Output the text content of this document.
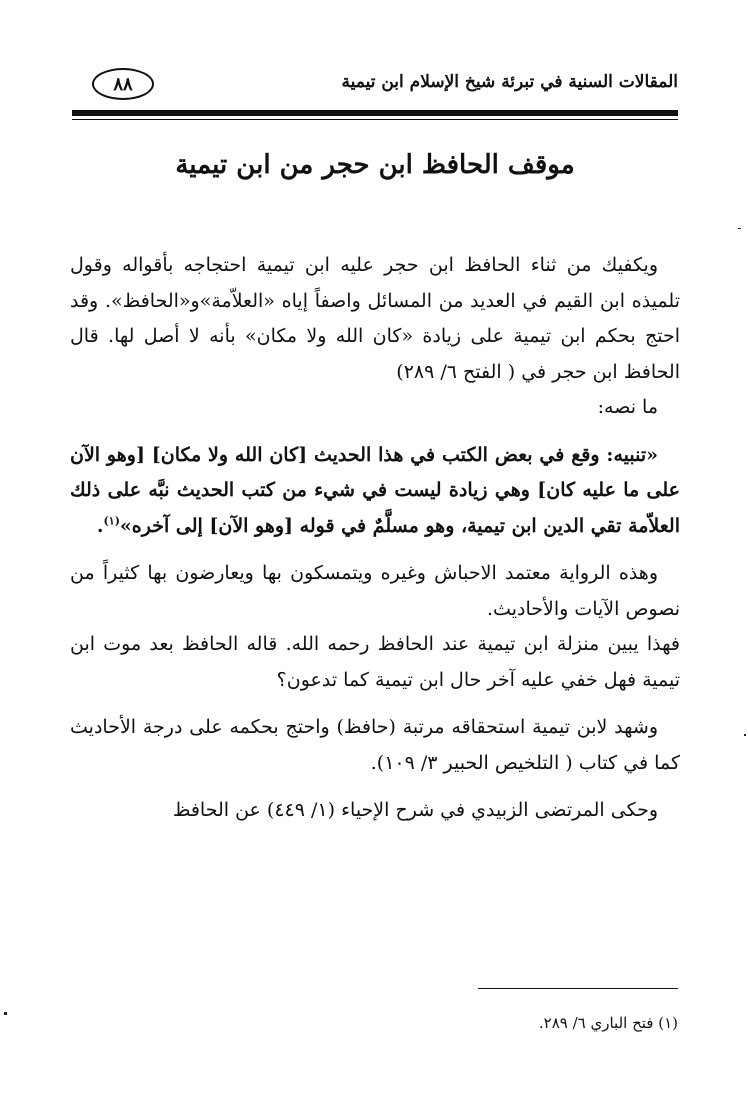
المقالات السنية في تبرئة شيخ الإسلام ابن تيمية
٨٨
موقف الحافظ ابن حجر من ابن تيمية

ويكفيك من ثناء الحافظ ابن حجر عليه ابن تيمية احتجاجه بأقواله وقول تلميذه ابن القيم في العديد من المسائل واصفاً إياه «العلاّمة»و«الحافظ». وقد احتج بحكم ابن تيمية على زيادة «كان الله ولا مكان» بأنه لا أصل لها. قال الحافظ ابن حجر في ( الفتح ٦/ ٢٨٩)

ما نصه:

«تنبيه: وقع في بعض الكتب في هذا الحديث [كان الله ولا مكان] [وهو الآن على ما عليه كان] وهي زيادة ليست في شيء من كتب الحديث نبَّه على ذلك العلاّمة تقي الدين ابن تيمية، وهو مسلَّمٌ في قوله [وهو الآن] إلى آخره»$^{(١)}$.

وهذه الرواية معتمد الاحباش وغيره ويتمسكون بها ويعارضون بها كثيراً من نصوص الآيات والأحاديث.

فهذا يبين منزلة ابن تيمية عند الحافظ رحمه الله. قاله الحافظ بعد موت ابن تيمية فهل خفي عليه آخر حال ابن تيمية كما تدعون؟

وشهد لابن تيمية استحقاقه مرتبة (حافظ) واحتج بحكمه على درجة الأحاديث كما في كتاب ( التلخيص الحبير ٣/ ١٠٩).

وحكى المرتضى الزبيدي في شرح الإحياء (١/ ٤٤٩) عن الحافظ

(١) فتح الباري ٦/ ٢٨٩.
